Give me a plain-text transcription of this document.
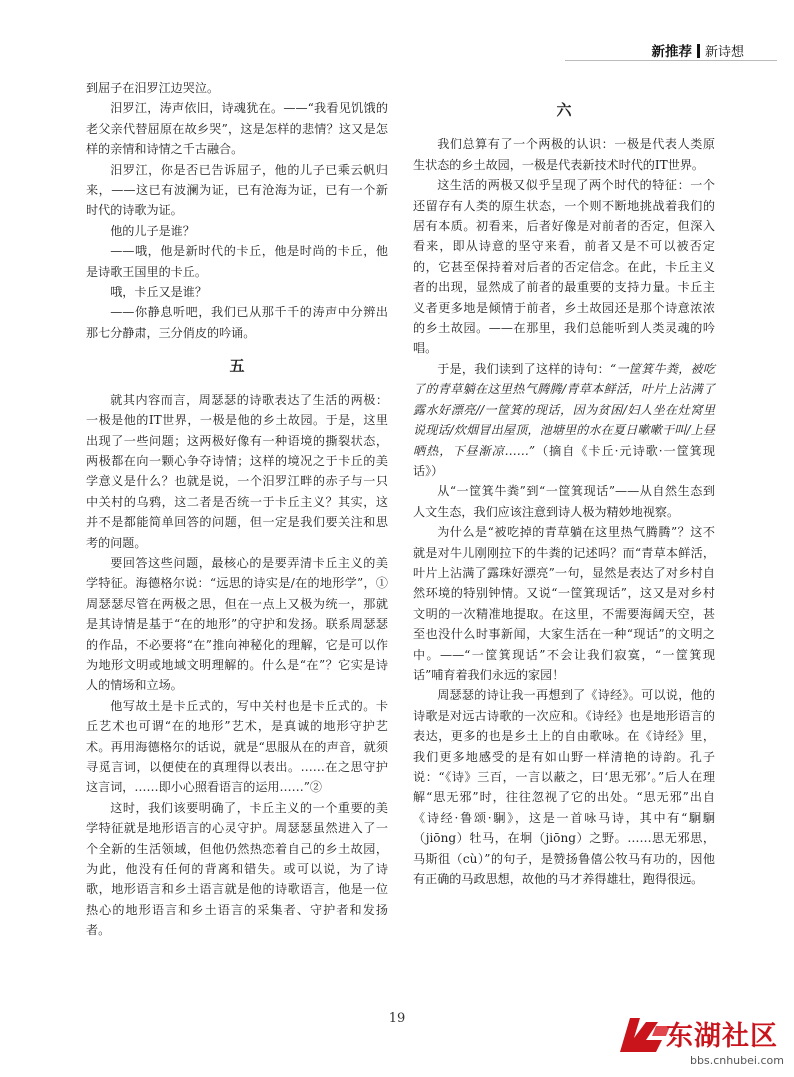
新推荐 新诗想

到屈子在汨罗江边哭泣。

汨罗江，涛声依旧，诗魂犹在。——“我看见饥饿的老父亲代替屈原在故乡哭”，这是怎样的悲情？这又是怎样的亲情和诗情之千古融合。

汨罗江，你是否已告诉屈子，他的儿子已乘云帆归来，——这已有波澜为证，已有沧海为证，已有一个新时代的诗歌为证。

他的儿子是谁？

——哦，他是新时代的卡丘，他是时尚的卡丘，他是诗歌王国里的卡丘。

哦，卡丘又是谁？

——你静息听吧，我们已从那千千的涛声中分辨出那七分静肃，三分俏皮的吟诵。

五

就其内容而言，周瑟瑟的诗歌表达了生活的两极：一极是他的IT世界，一极是他的乡土故园。于是，这里出现了一些问题；这两极好像有一种语境的撕裂状态，两极都在向一颗心争夺诗情；这样的境况之于卡丘的美学意义是什么？也就是说，一个汨罗江畔的赤子与一只中关村的乌鸦，这二者是否统一于卡丘主义？其实，这并不是都能简单回答的问题，但一定是我们要关注和思考的问题。

要回答这些问题，最核心的是要弄清卡丘主义的美学特征。海德格尔说：“远思的诗实是/在的地形学”，①周瑟瑟尽管在两极之思，但在一点上又极为统一，那就是其诗情是基于“在的地形”的守护和发扬。联系周瑟瑟的作品，不必要将“在”推向神秘化的理解，它是可以作为地形文明或地域文明理解的。什么是“在”？它实是诗人的情场和立场。

他写故土是卡丘式的，写中关村也是卡丘式的。卡丘艺术也可谓“在的地形”艺术，是真诚的地形守护艺术。再用海德格尔的话说，就是“思服从在的声音，就须寻觅言词，以便使在的真理得以表出。……在之思守护这言词，……即小心照看语言的运用……”②

这时，我们该要明确了，卡丘主义的一个重要的美学特征就是地形语言的心灵守护。周瑟瑟虽然进入了一个全新的生活领域，但他仍然热恋着自己的乡土故园，为此，他没有任何的背离和错失。或可以说，为了诗歌，地形语言和乡土语言就是他的诗歌语言，他是一位热心的地形语言和乡土语言的采集者、守护者和发扬者。

六

我们总算有了一个两极的认识：一极是代表人类原生状态的乡土故园，一极是代表新技术时代的IT世界。

这生活的两极又似乎呈现了两个时代的特征：一个还留存有人类的原生状态，一个则不断地挑战着我们的居有本质。初看来，后者好像是对前者的否定，但深入看来，即从诗意的坚守来看，前者又是不可以被否定的，它甚至保持着对后者的否定信念。在此，卡丘主义者的出现，显然成了前者的最重要的支持力量。卡丘主义者更多地是倾情于前者，乡土故园还是那个诗意浓浓的乡土故园。——在那里，我们总能听到人类灵魂的吟唱。

于是，我们读到了这样的诗句：“一筐箕牛粪，被吃了的青草躺在这里热气腾腾/青草本鲜活，叶片上沾满了露水好漂亮//一筐箕的现话，因为贫困/妇人坐在灶窝里说现话/炊烟冒出屋顶，池塘里的水在夏日嗽嗽干叫/上昼晒热，下昼渐凉……”（摘自《卡丘·元诗歌·一筐箕现话》）

从“一筐箕牛粪”到“一筐箕现话”——从自然生态到人文生态，我们应该注意到诗人极为精妙地视察。

为什么是“被吃掉的青草躺在这里热气腾腾”？这不就是对牛儿刚刚拉下的牛粪的记述吗？而“青草本鲜活，叶片上沾满了露珠好漂亮”一句，显然是表达了对乡村自然环境的特别钟情。又说“一筐箕现话”，这又是对乡村文明的一次精准地提取。在这里，不需要海阔天空，甚至也没什么时事新闻，大家生活在一种“现话”的文明之中。——“一筐箕现话”不会让我们寂寞，“一筐箕现话”哺育着我们永远的家园！

周瑟瑟的诗让我一再想到了《诗经》。可以说，他的诗歌是对远古诗歌的一次应和。《诗经》也是地形语言的表达，更多的也是乡土上的自由歌咏。在《诗经》里，我们更多地感受的是有如山野一样清艳的诗韵。孔子说：“《诗》三百，一言以蔽之，曰‘思无邪’。”后人在理解“思无邪”时，往往忽视了它的出处。“思无邪”出自《诗经·鲁颂·駉》，这是一首咏马诗，其中有“駉駉（jiōng）牡马，在坰（jiōng）之野。……思无邪思，马斯徂（cù）”的句子，是赞扬鲁僖公牧马有功的，因他有正确的马政思想，故他的马才养得雄壮，跑得很远。

19
东湖社区
bbs.cnhubei.com
